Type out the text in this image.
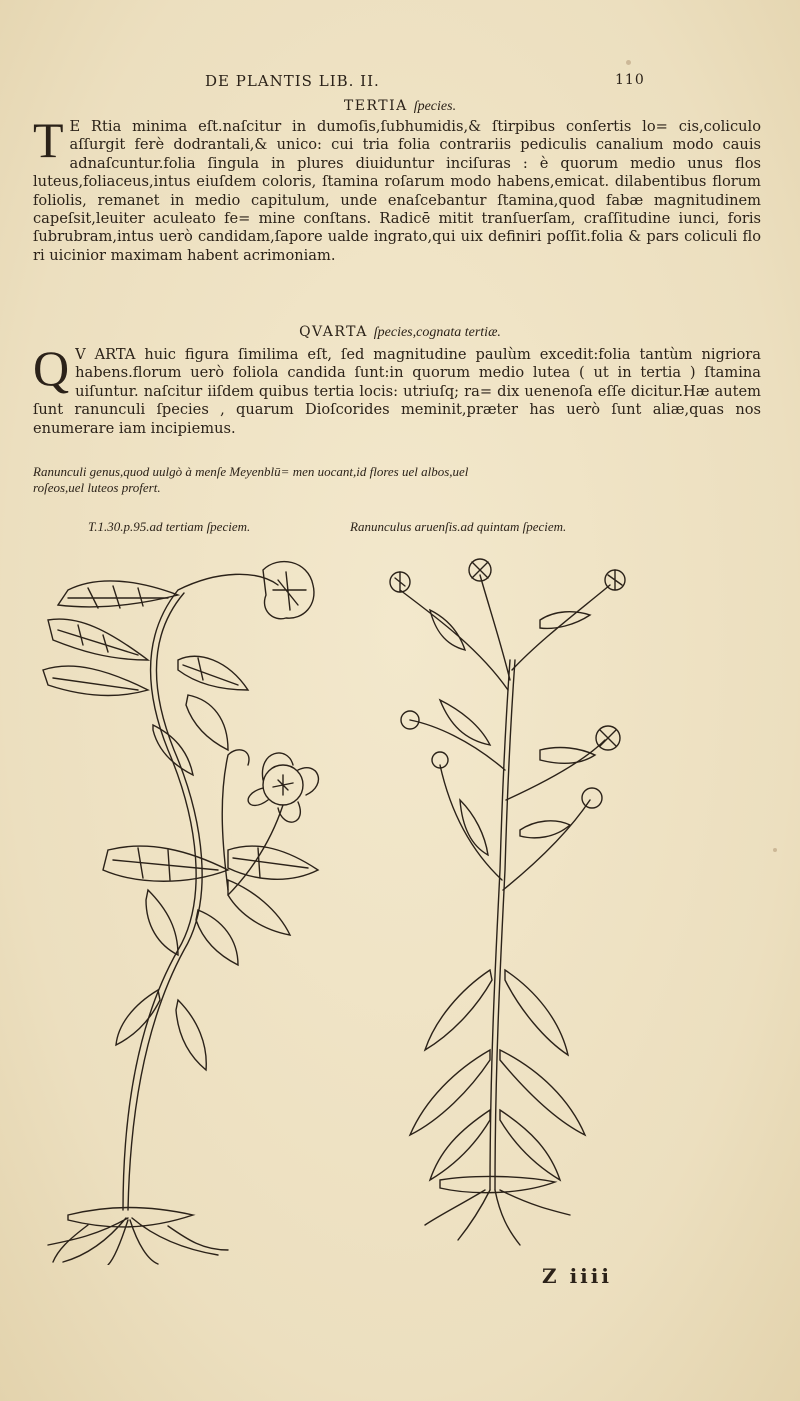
DE PLANTIS LIB. II.	110
TERTIA ſpecies.
T E Rtia minima eſt.naſcitur in dumoſis,ſubhumidis,& ſtirpibus conſertis lo= cis,coliculo aſſurgit ferè dodrantali,& unico: cui tria folia contrariis pediculis canalium modo cauis adnaſcuntur.folia ſingula in plures diuiduntur inciſuras : è quorum medio unus flos luteus,foliaceus,intus eiuſdem coloris, ſtamina roſarum modo habens,emicat. dilabentibus florum foliolis, remanet in medio capitulum, unde enaſcebantur ſtamina,quod fabæ magnitudinem capeſsit,leuiter aculeato fe= mine conſtans. Radicē mitit tranſuerſam, craſſitudine iunci, foris ſubrubram,intus uerò candidam,ſapore ualde ingrato,qui uix definiri poſſit.folia & pars coliculi flo ri uicinior maximam habent acrimoniam.
QVARTA ſpecies,cognata tertiæ.
Q V ARTA huic figura ſimilima eſt, ſed magnitudine paulùm excedit:folia tantùm nigriora habens.florum uerò foliola candida ſunt:in quorum medio lutea ( ut in tertia ) ſtamina uiſuntur. naſcitur iiſdem quibus tertia locis: utriuſq; ra= dix uenenoſa eſſe dicitur.Hæ autem ſunt ranunculi ſpecies , quarum Dioſcorides meminit,præter has uerò ſunt aliæ,quas nos enumerare iam incipiemus.
Ranunculi genus,quod uulgò à menſe Meyenblū= men uocant,id flores uel albos,uel roſeos,uel luteos profert.
T.1.30.p.95.ad tertiam ſpeciem.	Ranunculus aruenſis.ad quintam ſpeciem.
Z iiii
